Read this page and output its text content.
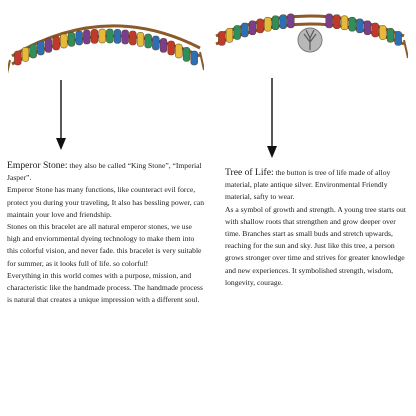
Emperor Stone: they also be called “King Stone”, “Imperial Jasper”.

Emperor Stone has many functions, like counteract evil force, protect you during your traveling, It also has bessling power, can maintain your love and friendship.

Stones on this bracelet are all natural emperor stones, we use high and enviornmental dyeing technology to make them into this colorful vision, and never fade. this bracelet is very suitable for summer, as it looks full of life. so colorful!

Everything in this world comes with a purpose, mission, and characteristic like the handmade process. The handmade process is natural that creates a unique impression with a different soul.

Tree of Life: the button is tree of life made of alloy material, plate antique silver. Environmental Friendly material, safty to wear.

As a symbol of growth and strength. A young tree starts out with shallow roots that strengthen and grow deeper over time. Branches start as small buds and stretch upwards, reaching for the sun and sky. Just like this tree, a person grows stronger over time and strives for greater knowledge and new experiences. It symbolished strength, wisdom, longevity, courage.
